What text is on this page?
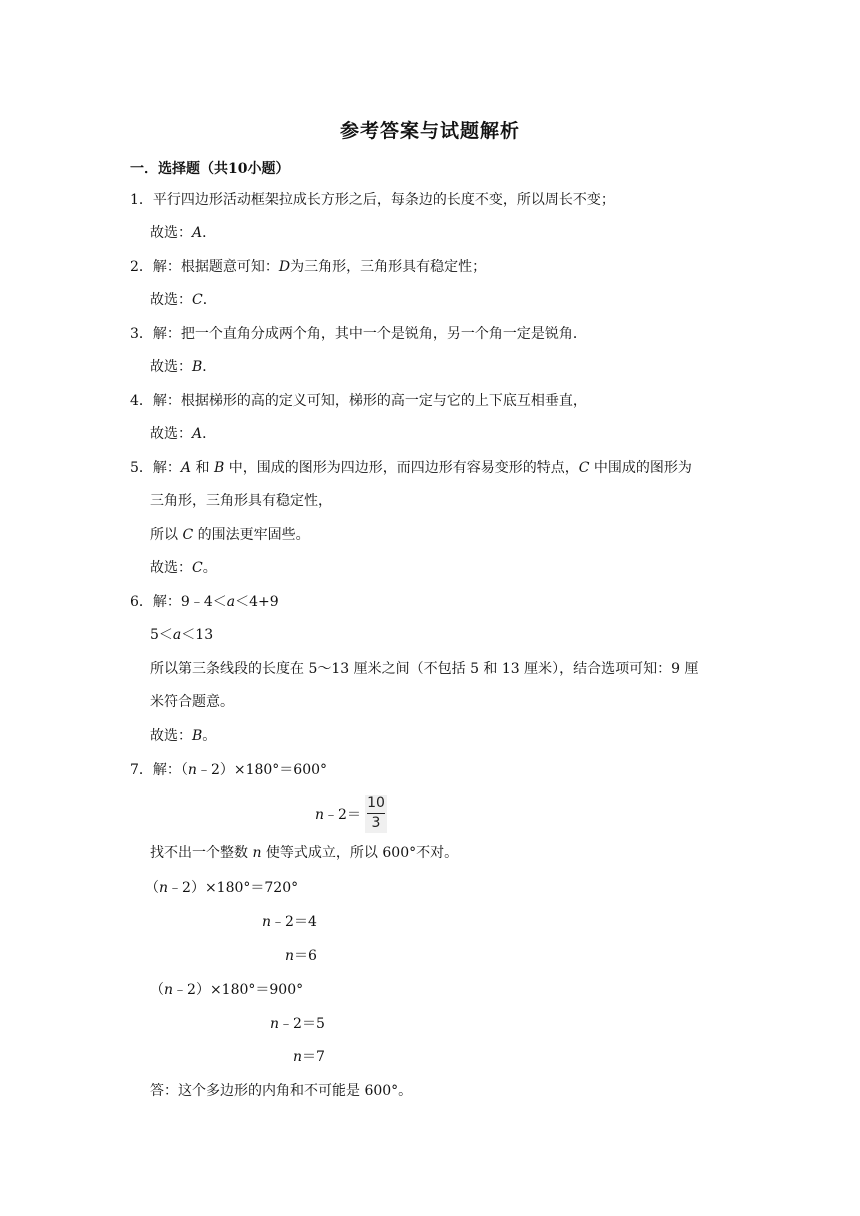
参考答案与试题解析
一．选择题（共10小题）
1．平行四边形活动框架拉成长方形之后，每条边的长度不变，所以周长不变；
故选：A．
2．解：根据题意可知：D为三角形，三角形具有稳定性；
故选：C．
3．解：把一个直角分成两个角，其中一个是锐角，另一个角一定是锐角．
故选：B．
4．解：根据梯形的高的定义可知，梯形的高一定与它的上下底互相垂直，
故选：A．
5．解：A 和 B 中，围成的图形为四边形，而四边形有容易变形的特点，C 中围成的图形为
三角形，三角形具有稳定性，
所以 C 的围法更牢固些。
故选：C。
6．解：9﹣4＜a＜4+9
5＜a＜13
所以第三条线段的长度在 5～13 厘米之间（不包括 5 和 13 厘米），结合选项可知：9 厘
米符合题意。
故选：B。
7．解：（n﹣2）×180°＝600°
n﹣2＝
10
3
找不出一个整数 n 使等式成立，所以 600°不对。
（n﹣2）×180°＝720°
n﹣2＝4
n＝6
（n﹣2）×180°＝900°
n﹣2＝5
n＝7
答：这个多边形的内角和不可能是 600°。
